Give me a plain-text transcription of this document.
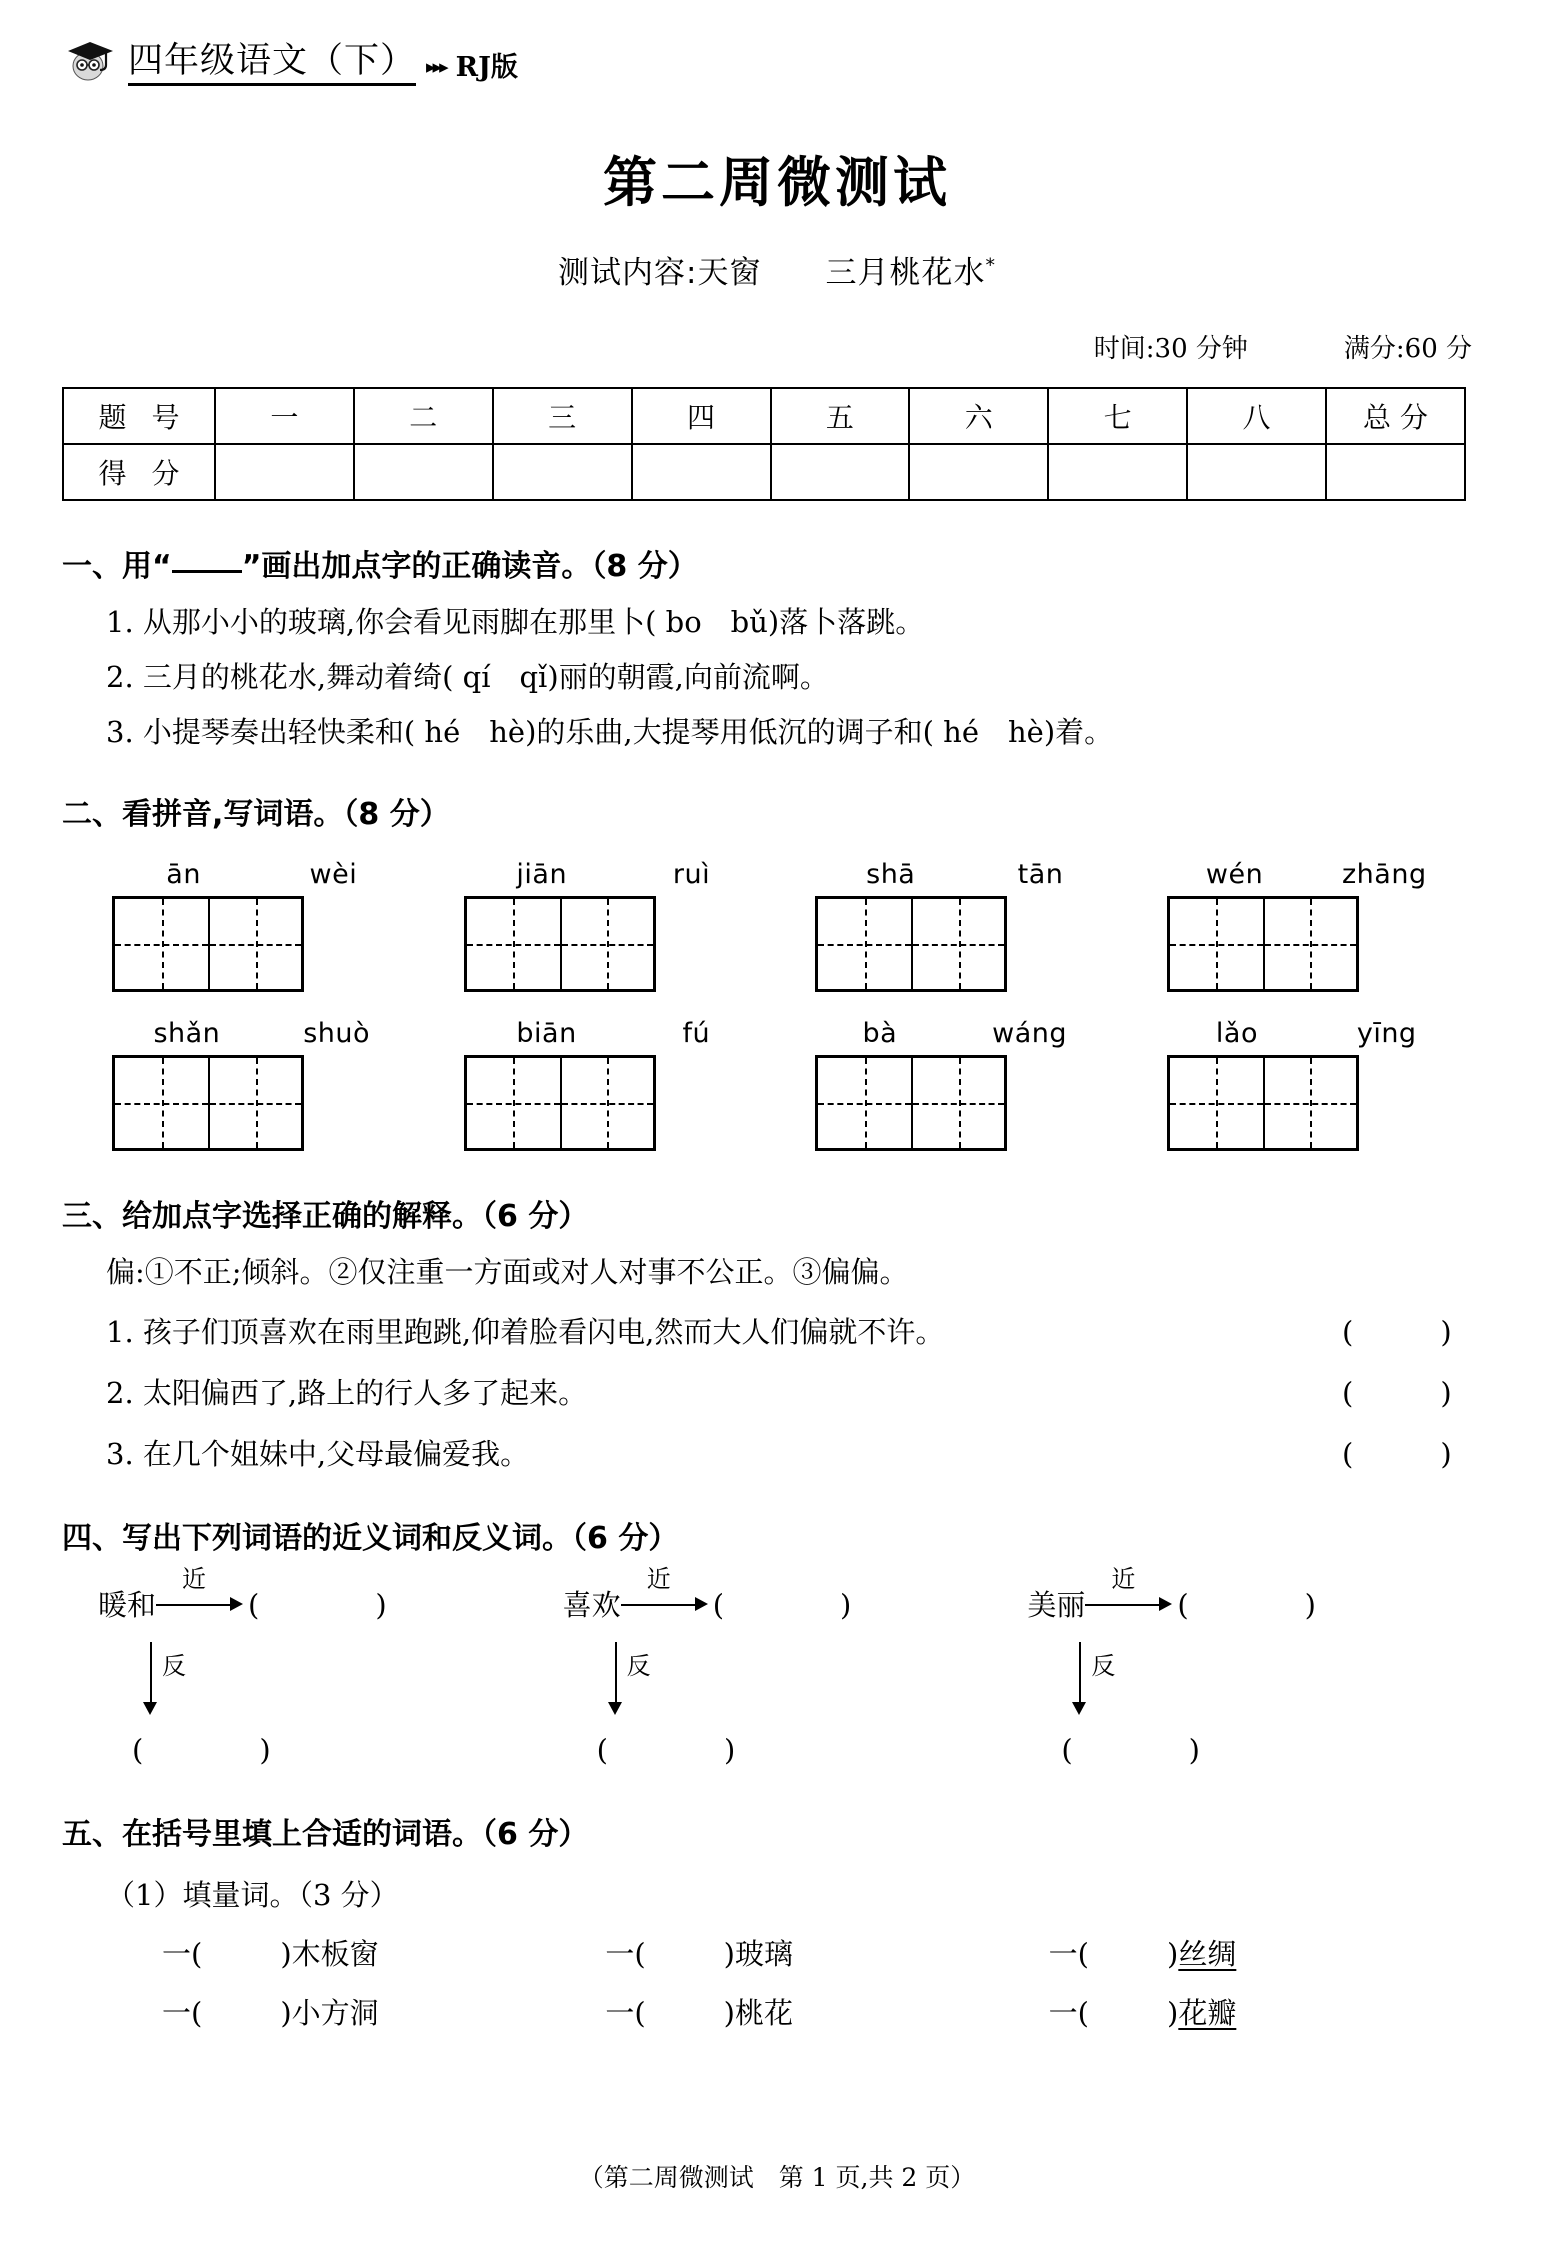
四年级语文（下） ▸▸▸ RJ版
第二周微测试
测试内容:天窗　　三月桃花水*
时间:30 分钟	满分:60 分
题 号	一	二	三	四	五	六	七	八	总 分
得 分									
一、用“ ”画出加点字的正确读音。（8 分）
1. 从那小小的玻璃,你会看见雨脚在那里卜( bo　bǔ)落卜落跳。
2. 三月的桃花水,舞动着绮( qí　qǐ)丽的朝霞,向前流啊。
3. 小提琴奏出轻快柔和( hé　hè)的乐曲,大提琴用低沉的调子和( hé　hè)着。
二、看拼音,写词语。（8 分）
ān	wèi	jiān	ruì	shā	tān	wén	zhāng
shǎn	shuò	biān	fú	bà	wáng	lǎo	yīng
三、给加点字选择正确的解释。（6 分）
偏:①不正;倾斜。②仅注重一方面或对人对事不公正。③偏偏。
1. 孩子们顶喜欢在雨里跑跳,仰着脸看闪电,然而大人们偏就不许。	(　　　)
2. 太阳偏西了,路上的行人多了起来。	(　　　)
3. 在几个姐妹中,父母最偏爱我。	(　　　)
四、写出下列词语的近义词和反义词。（6 分）
暖和
近
(　　　　)
反
(　　　　)
喜欢
近
(　　　　)
反
(　　　　)
美丽
近
(　　　　)
反
(　　　　)
五、在括号里填上合适的词语。（6 分）
（1）填量词。（3 分）
一(	)木板窗	一(	)玻璃	一(	)丝绸
一(	)小方洞	一(	)桃花	一(	)花瓣
（第二周微测试　第 1 页,共 2 页）
